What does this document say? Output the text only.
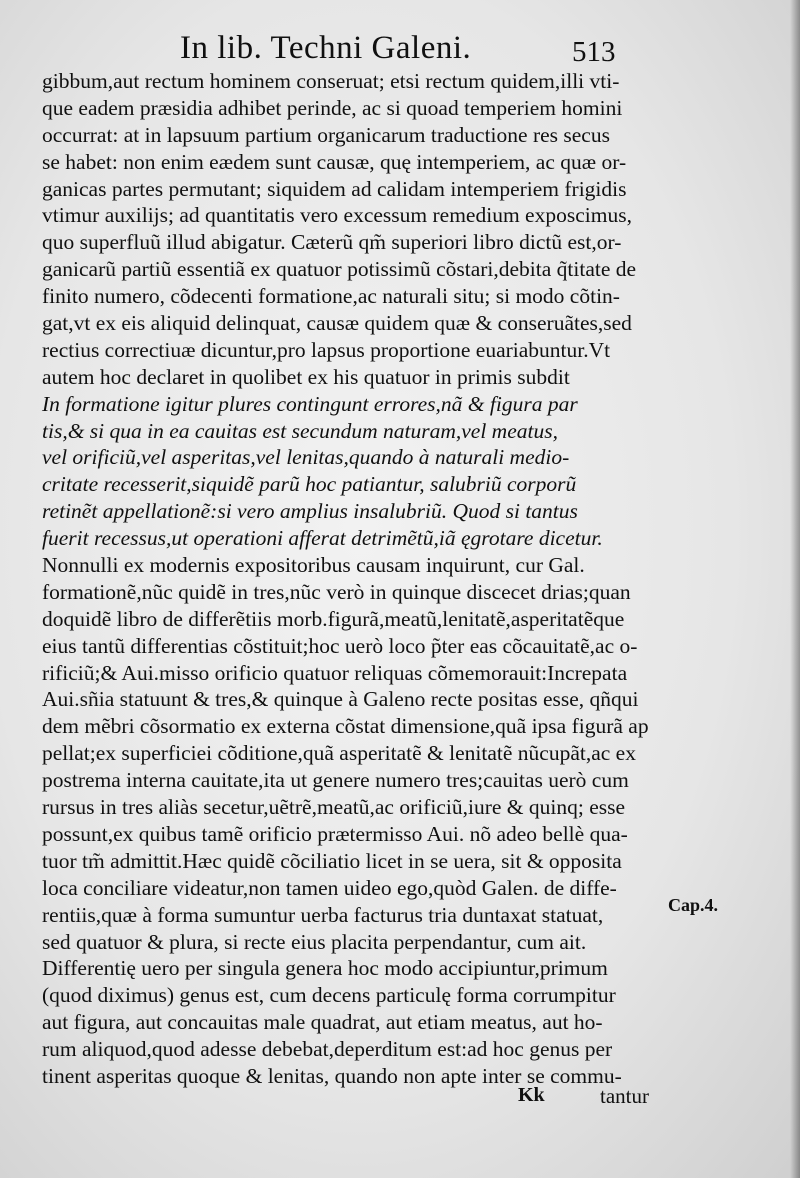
In lib. Techni Galeni.	513
gibbum,aut rectum hominem conseruat; etsi rectum quidem,illi vti-
que eadem præsidia adhibet perinde, ac si quoad temperiem homini
occurrat: at in lapsuum partium organicarum traductione res secus
se habet: non enim eædem sunt causæ, quę intemperiem, ac quæ or-
ganicas partes permutant; siquidem ad calidam intemperiem frigidis
vtimur auxilijs; ad quantitatis vero excessum remedium exposcimus,
quo superfluũ illud abigatur. Cæterũ qm̃ superiori libro dictũ est,or-
ganicarũ partiũ essentiã ex quatuor potissimũ cõstari,debita q̃titate de
finito numero, cõdecenti formatione,ac naturali situ; si modo cõtin-
gat,vt ex eis aliquid delinquat, causæ quidem quæ & conseruãtes,sed
rectius correctiuæ dicuntur,pro lapsus proportione euariabuntur.Vt
autem hoc declaret in quolibet ex his quatuor in primis subdit
In formatione igitur plures contingunt errores,nã & figura par
tis,& si qua in ea cauitas est secundum naturam,vel meatus,
vel orificiũ,vel asperitas,vel lenitas,quando à naturali medio-
critate recesserit,siquidẽ parũ hoc patiantur, salubriũ corporũ
retinẽt appellationẽ:si vero amplius insalubriũ. Quod si tantus
fuerit recessus,ut operationi afferat detrimẽtũ,iã ęgrotare dicetur.
Nonnulli ex modernis expositoribus causam inquirunt, cur Gal.
formationẽ,nũc quidẽ in tres,nũc verò in quinque discecet drias;quan
doquidẽ libro de differẽtiis morb.figurã,meatũ,lenitatẽ,asperitatẽque
eius tantũ differentias cõstituit;hoc uerò loco p̃ter eas cõcauitatẽ,ac o-
rificiũ;& Aui.misso orificio quatuor reliquas cõmemorauit:Increpata
Aui.sñia statuunt & tres,& quinque à Galeno recte positas esse, qñqui
dem mẽbri cõsormatio ex externa cõstat dimensione,quã ipsa figurã ap
pellat;ex superficiei cõditione,quã asperitatẽ & lenitatẽ nũcupãt,ac ex
postrema interna cauitate,ita ut genere numero tres;cauitas uerò cum
rursus in tres aliàs secetur,uẽtrẽ,meatũ,ac orificiũ,iure & quinq; esse
possunt,ex quibus tamẽ orificio prætermisso Aui. nõ adeo bellè qua-
tuor tm̃ admittit.Hæc quidẽ cõciliatio licet in se uera, sit & opposita
loca conciliare videatur,non tamen uideo ego,quòd Galen. de diffe-
rentiis,quæ à forma sumuntur uerba facturus tria duntaxat statuat,
sed quatuor & plura, si recte eius placita perpendantur, cum ait.
Differentię uero per singula genera hoc modo accipiuntur,primum
(quod diximus) genus est, cum decens particulę forma corrumpitur
aut figura, aut concauitas male quadrat, aut etiam meatus, aut ho-
rum aliquod,quod adesse debebat,deperditum est:ad hoc genus per
tinent asperitas quoque & lenitas, quando non apte inter se commu-
Cap.4.
Kk	tantur
